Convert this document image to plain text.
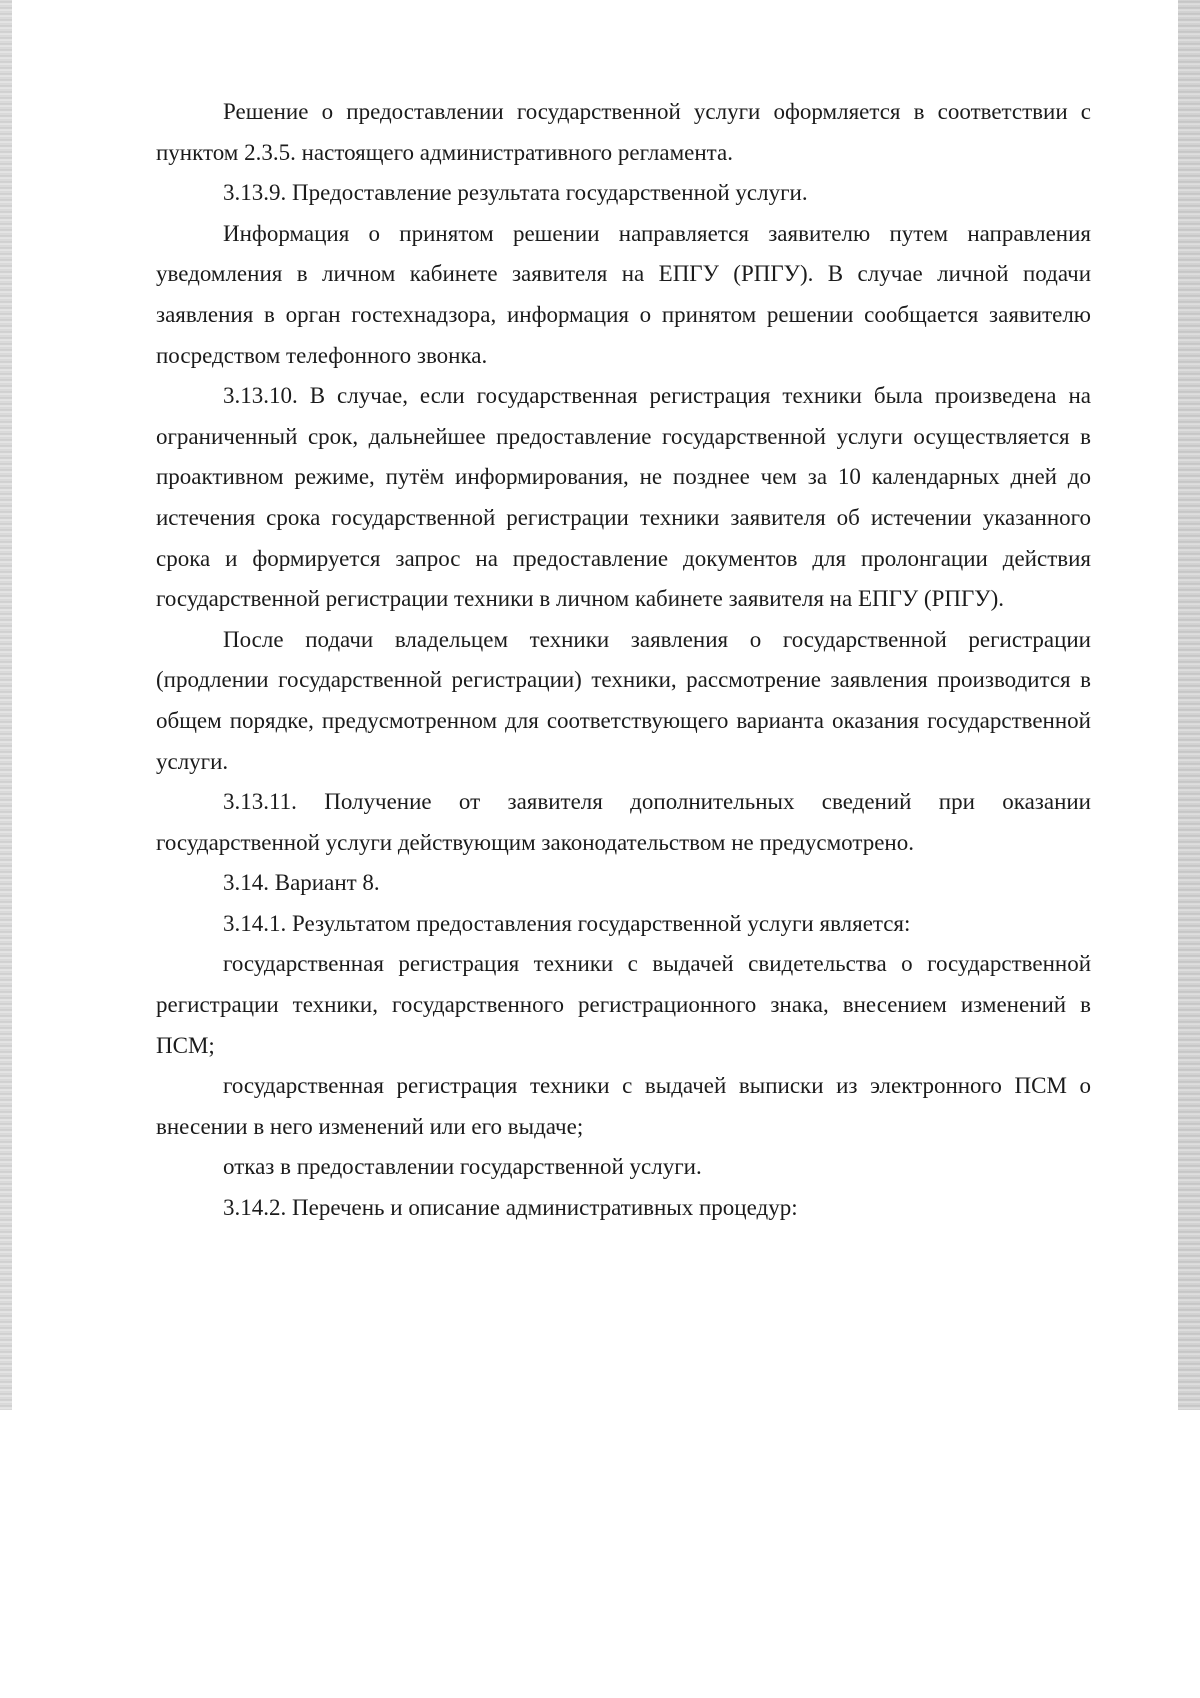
Решение о предоставлении государственной услуги оформляется в соответствии с пунктом 2.3.5. настоящего административного регламента.

3.13.9. Предоставление результата государственной услуги.

Информация о принятом решении направляется заявителю путем направления уведомления в личном кабинете заявителя на ЕПГУ (РПГУ). В случае личной подачи заявления в орган гостехнадзора, информация о принятом решении сообщается заявителю посредством телефонного звонка.

3.13.10. В случае, если государственная регистрация техники была произведена на ограниченный срок, дальнейшее предоставление государственной услуги осуществляется в проактивном режиме, путём информирования, не позднее чем за 10 календарных дней до истечения срока государственной регистрации техники заявителя об истечении указанного срока и формируется запрос на предоставление документов для пролонгации действия государственной регистрации техники в личном кабинете заявителя на ЕПГУ (РПГУ).

После подачи владельцем техники заявления о государственной регистрации (продлении государственной регистрации) техники, рассмотрение заявления производится в общем порядке, предусмотренном для соответствующего варианта оказания государственной услуги.

3.13.11. Получение от заявителя дополнительных сведений при оказании государственной услуги действующим законодательством не предусмотрено.

3.14. Вариант 8.

3.14.1. Результатом предоставления государственной услуги является:

государственная регистрация техники с выдачей свидетельства о государственной регистрации техники, государственного регистрационного знака, внесением изменений в ПСМ;

государственная регистрация техники с выдачей выписки из электронного ПСМ о внесении в него изменений или его выдаче;

отказ в предоставлении государственной услуги.

3.14.2. Перечень и описание административных процедур:
